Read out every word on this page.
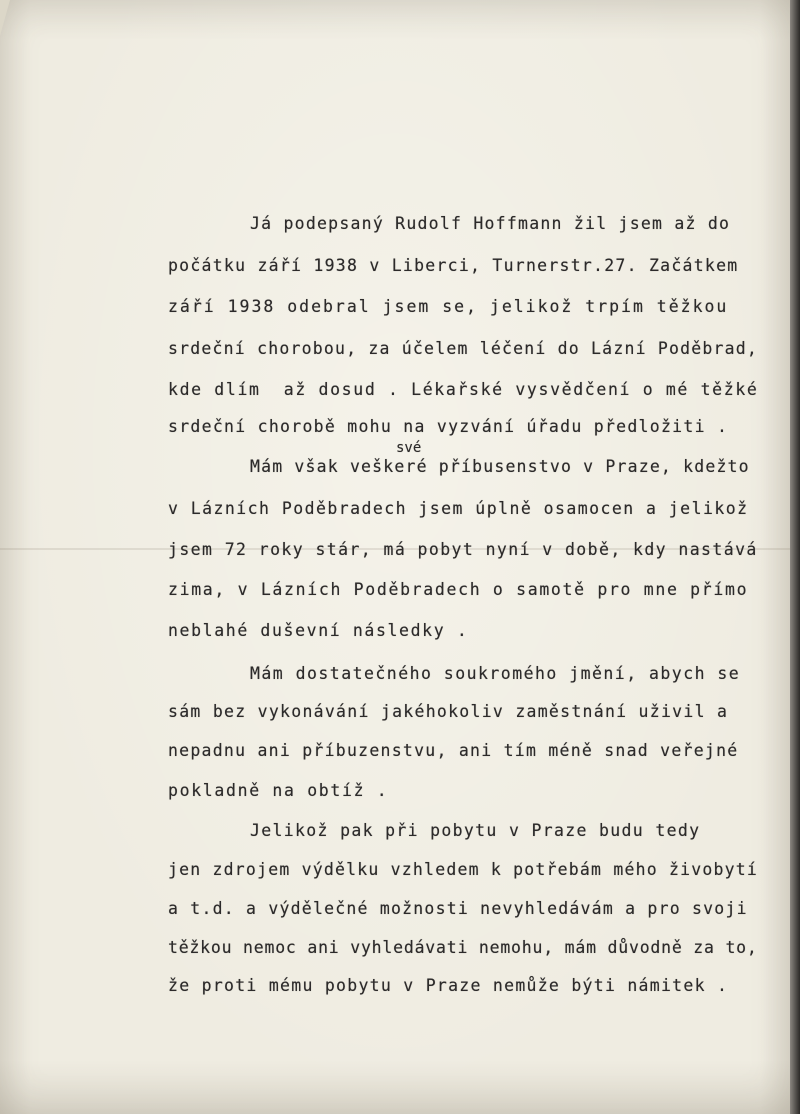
Já podepsaný Rudolf Hoffmann žil jsem až do
počátku září 1938 v Liberci, Turnerstr.27. Začátkem
září 1938 odebral jsem se, jelikož trpím těžkou
srdeční chorobou, za účelem léčení do Lázní Poděbrad,
kde dlím  až dosud . Lékařské vysvědčení o mé těžké
srdeční chorobě mohu na vyzvání úřadu předložiti .
své
Mám však veškeré příbusenstvo v Praze, kdežto
v Lázních Poděbradech jsem úplně osamocen a jelikož
jsem 72 roky stár, má pobyt nyní v době, kdy nastává
zima, v Lázních Poděbradech o samotě pro mne přímo
neblahé duševní následky .
Mám dostatečného soukromého jmění, abych se
sám bez vykonávání jakéhokoliv zaměstnání uživil a
nepadnu ani příbuzenstvu, ani tím méně snad veřejné
pokladně na obtíž .
Jelikož pak při pobytu v Praze budu tedy
jen zdrojem výdělku vzhledem k potřebám mého živobytí
a t.d. a výdělečné možnosti nevyhledávám a pro svoji
těžkou nemoc ani vyhledávati nemohu, mám důvodně za to,
že proti mému pobytu v Praze nemůže býti námitek .
